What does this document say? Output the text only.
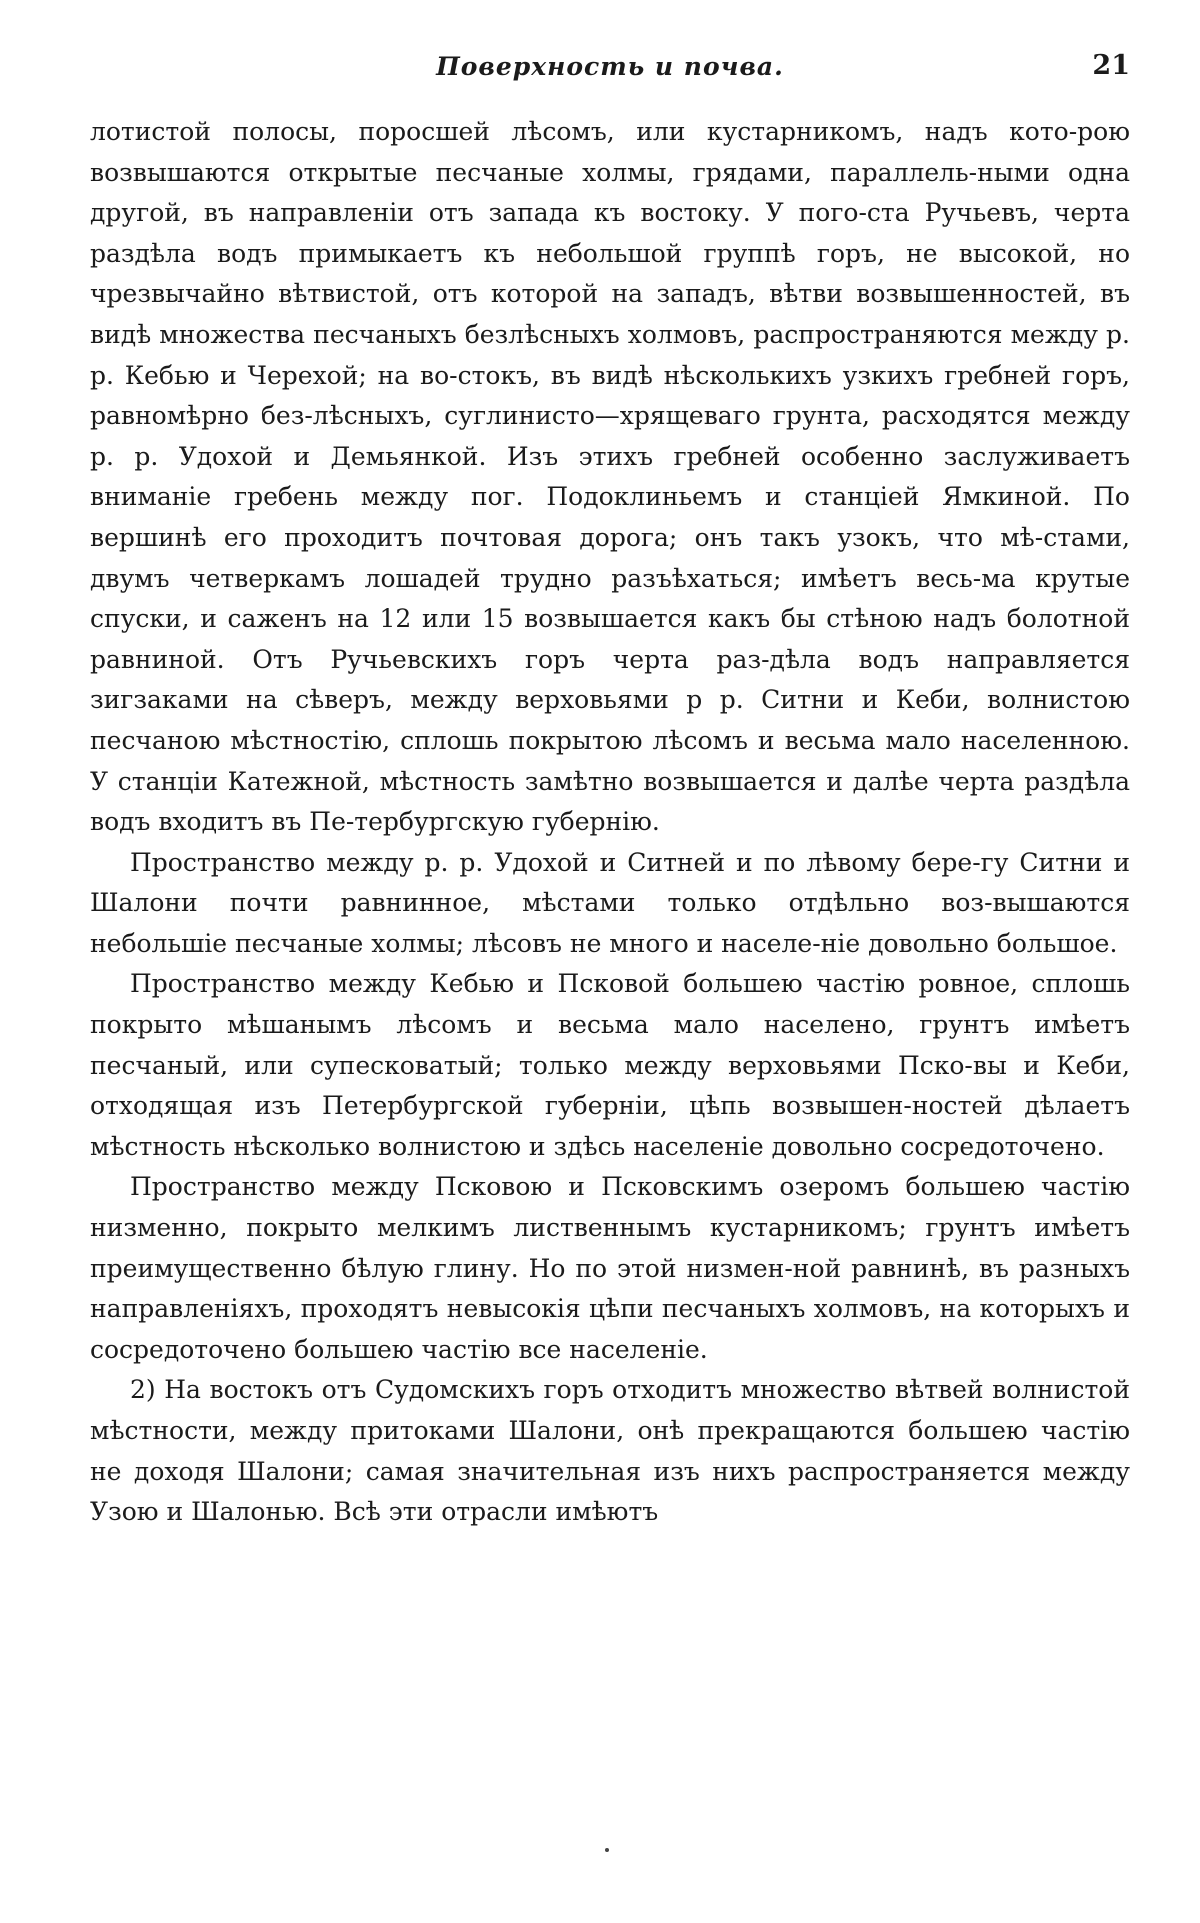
Поверхность и почва.	21

лотистой полосы, поросшей лѣсомъ, или кустарникомъ, надъ кото-рою возвышаются открытые песчаные холмы, грядами, параллель-ными одна другой, въ направленіи отъ запада къ востоку. У пого-ста Ручьевъ, черта раздѣла водъ примыкаетъ къ небольшой группѣ горъ, не высокой, но чрезвычайно вѣтвистой, отъ которой на западъ, вѣтви возвышенностей, въ видѣ множества песчаныхъ безлѣсныхъ холмовъ, распространяются между р. р. Кебью и Черехой; на во-стокъ, въ видѣ нѣсколькихъ узкихъ гребней горъ, равномѣрно без-лѣсныхъ, суглинисто—хрящеваго грунта, расходятся между р. р. Удохой и Демьянкой. Изъ этихъ гребней особенно заслуживаетъ вниманіе гребень между пог. Подоклиньемъ и станціей Ямкиной. По вершинѣ его проходитъ почтовая дорога; онъ такъ узокъ, что мѣ-стами, двумъ четверкамъ лошадей трудно разъѣхаться; имѣетъ весь-ма крутые спуски, и саженъ на 12 или 15 возвышается какъ бы стѣною надъ болотной равниной. Отъ Ручьевскихъ горъ черта раз-дѣла водъ направляется зигзаками на сѣверъ, между верховьями р р. Ситни и Кеби, волнистою песчаною мѣстностію, сплошь покрытою лѣсомъ и весьма мало населенною. У станціи Катежной, мѣстность замѣтно возвышается и далѣе черта раздѣла водъ входитъ въ Пе-тербургскую губернію.

Пространство между р. р. Удохой и Ситней и по лѣвому бере-гу Ситни и Шалони почти равнинное, мѣстами только отдѣльно воз-вышаются небольшіе песчаные холмы; лѣсовъ не много и населе-ніе довольно большое.

Пространство между Кебью и Псковой большею частію ровное, сплошь покрыто мѣшанымъ лѣсомъ и весьма мало населено, грунтъ имѣетъ песчаный, или супесковатый; только между верховьями Пско-вы и Кеби, отходящая изъ Петербургской губерніи, цѣпь возвышен-ностей дѣлаетъ мѣстность нѣсколько волнистою и здѣсь населеніе довольно сосредоточено.

Пространство между Псковою и Псковскимъ озеромъ большею частію низменно, покрыто мелкимъ лиственнымъ кустарникомъ; грунтъ имѣетъ преимущественно бѣлую глину. Но по этой низмен-ной равнинѣ, въ разныхъ направленіяхъ, проходятъ невысокія цѣпи песчаныхъ холмовъ, на которыхъ и сосредоточено большею частію все населеніе.

2) На востокъ отъ Судомскихъ горъ отходитъ множество вѣтвей волнистой мѣстности, между притоками Шалони, онѣ прекращаются большею частію не доходя Шалони; самая значительная изъ нихъ распространяется между Узою и Шалонью. Всѣ эти отрасли имѣютъ
